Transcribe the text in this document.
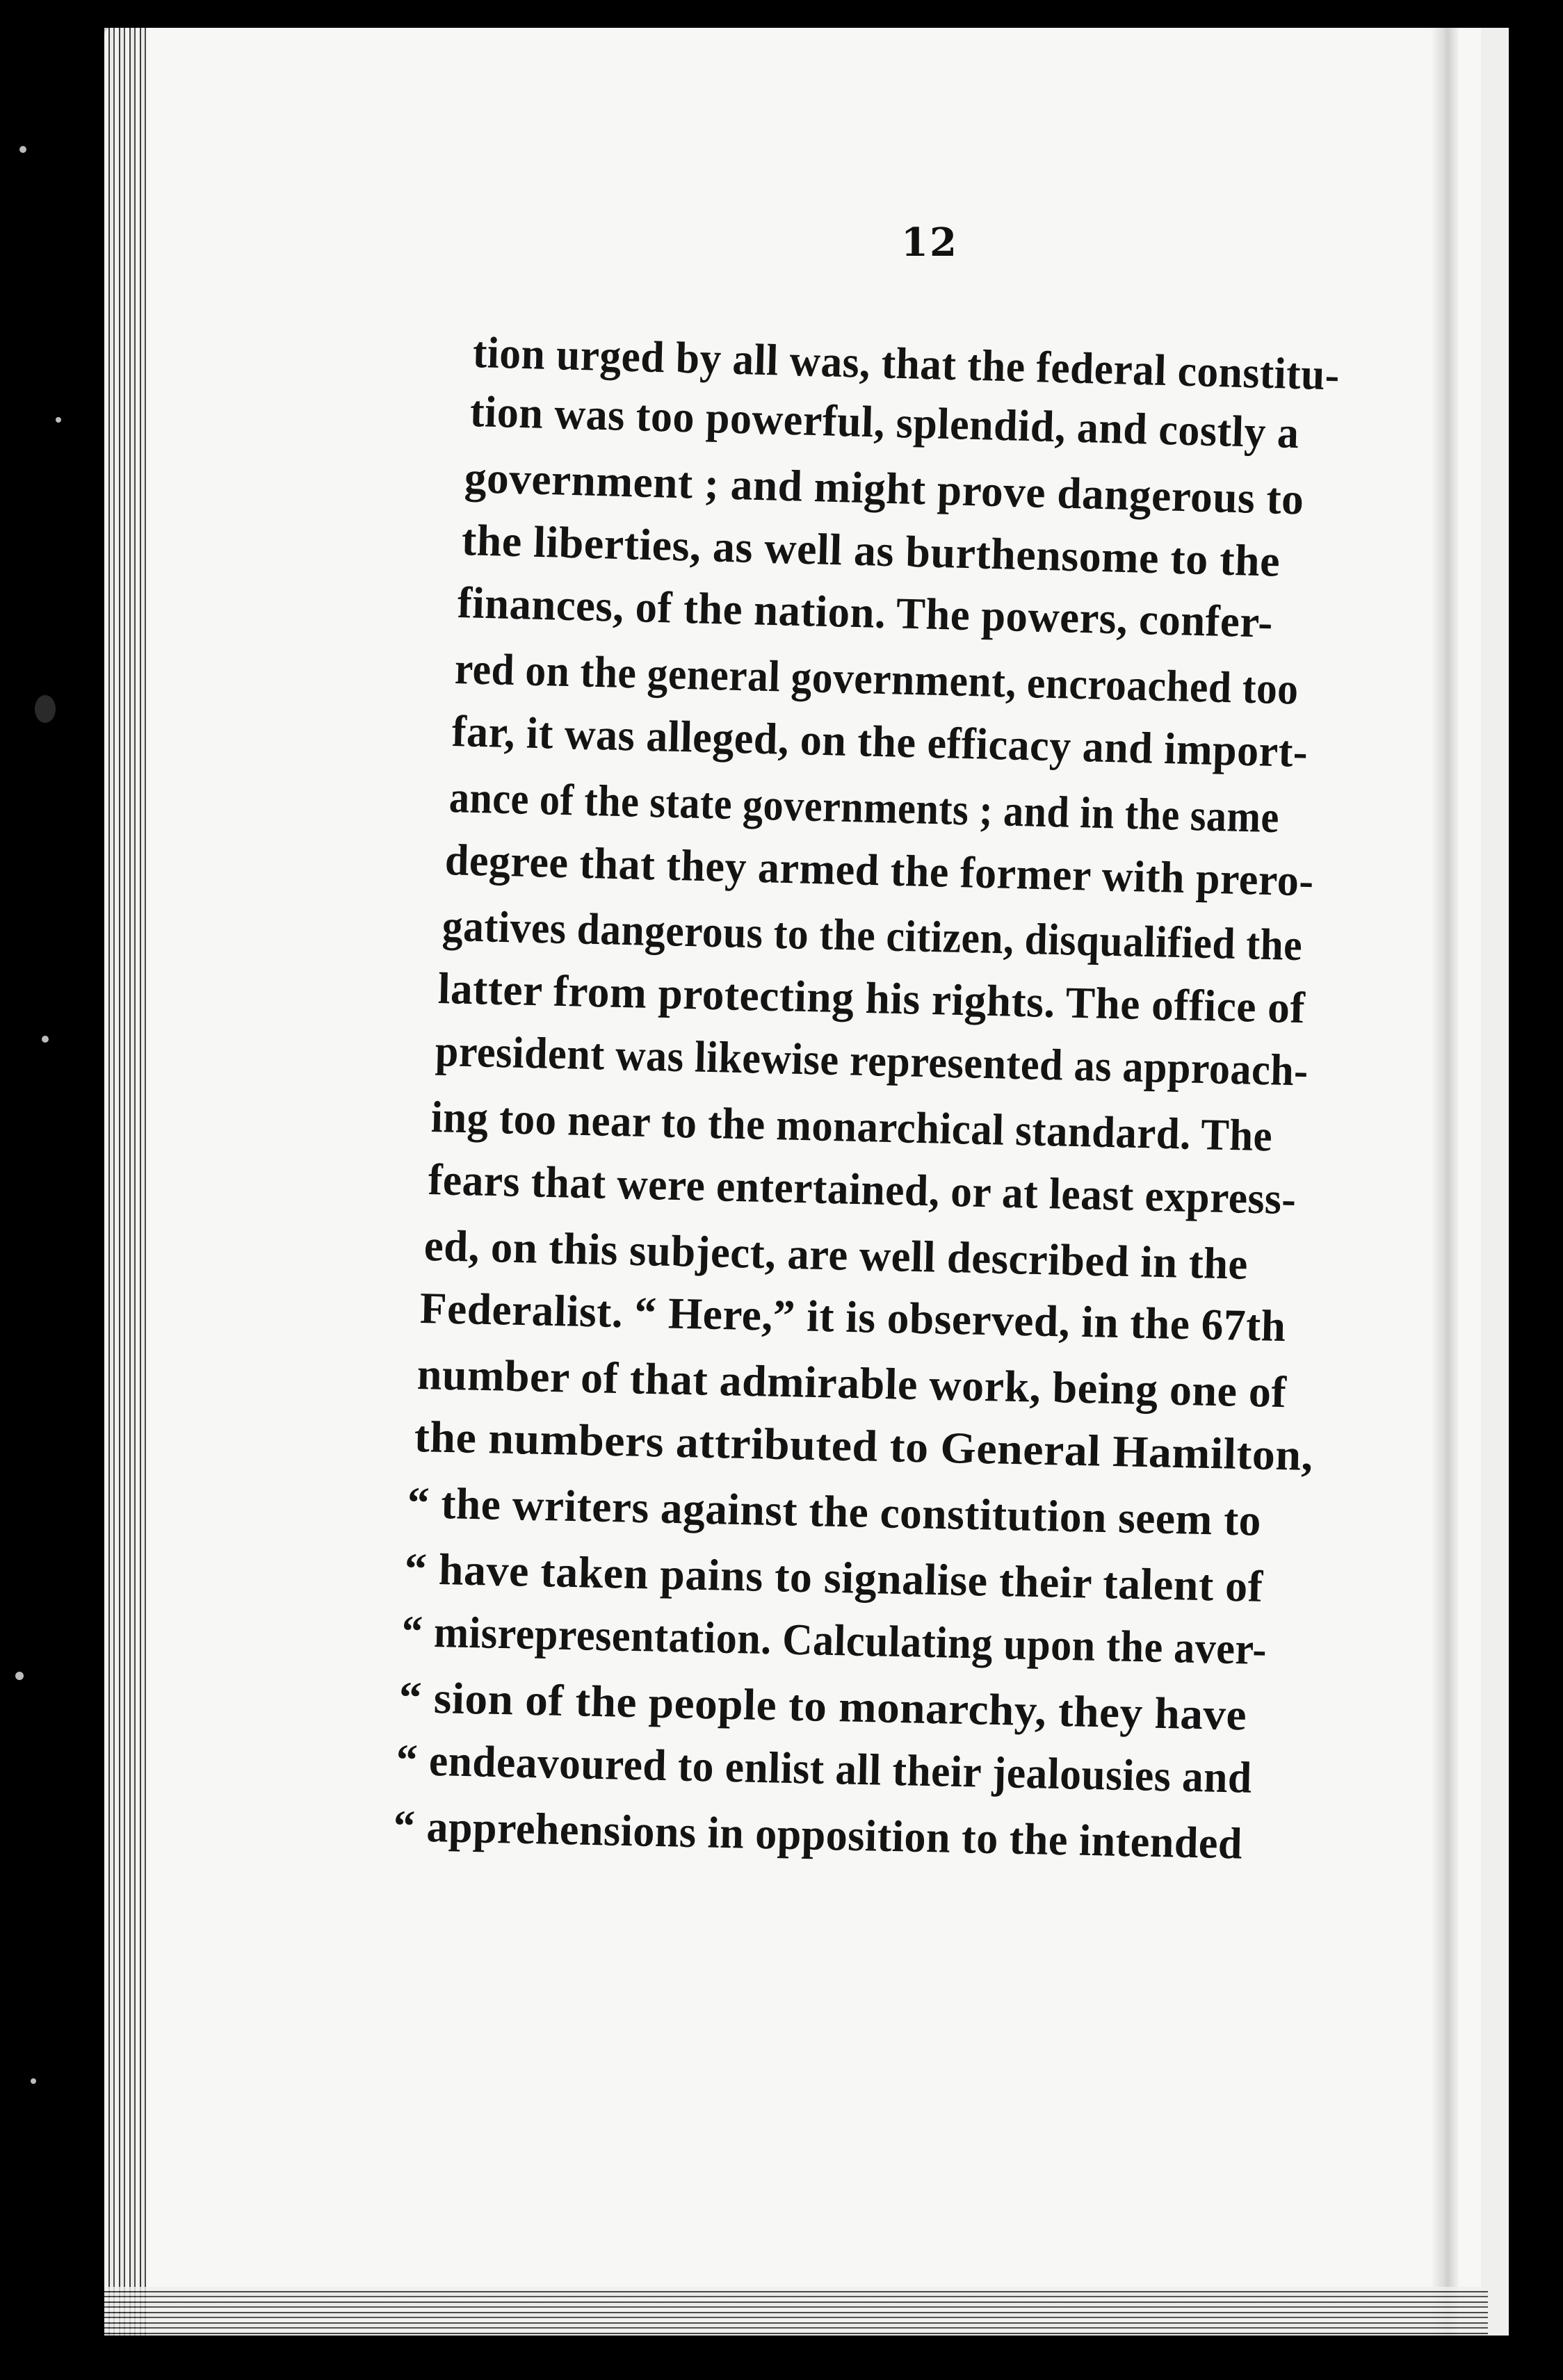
12
tion urged by all was, that the federal constitu-
tion was too powerful, splendid, and costly a
government ; and might prove dangerous to
the liberties, as well as burthensome to the
finances, of the nation. The powers, confer-
red on the general government, encroached too
far, it was alleged, on the efficacy and import-
ance of the state governments ; and in the same
degree that they armed the former with prero-
gatives dangerous to the citizen, disqualified the
latter from protecting his rights. The office of
president was likewise represented as approach-
ing too near to the monarchical standard. The
fears that were entertained, or at least express-
ed, on this subject, are well described in the
Federalist. “ Here,” it is observed, in the 67th
number of that admirable work, being one of
the numbers attributed to General Hamilton,
“ the writers against the constitution seem to
“ have taken pains to signalise their talent of
“ misrepresentation. Calculating upon the aver-
“ sion of the people to monarchy, they have
“ endeavoured to enlist all their jealousies and
“ apprehensions in opposition to the intended
